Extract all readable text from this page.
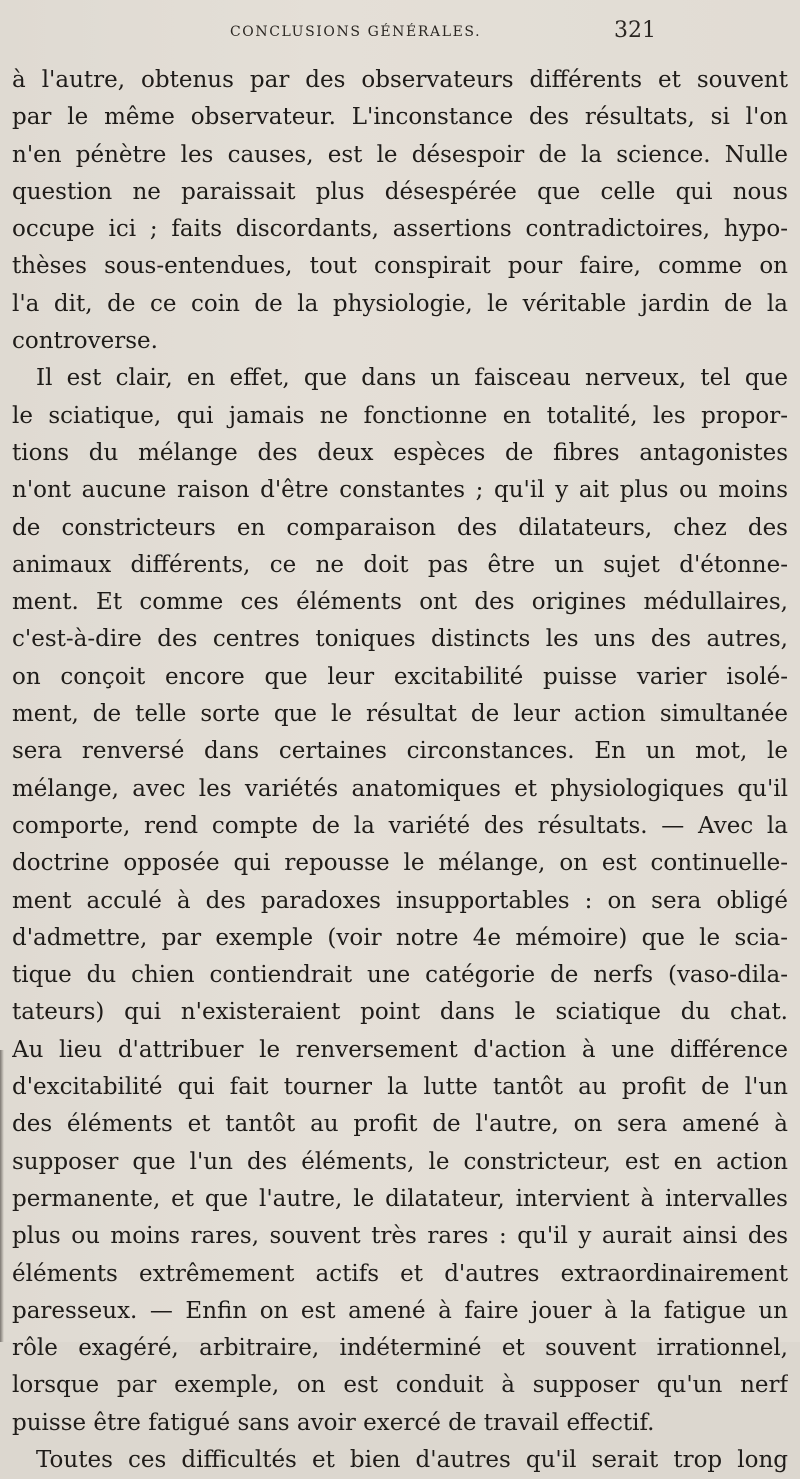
CONCLUSIONS GÉNÉRALES.	321
à l'autre, obtenus par des observateurs différents et souvent
par le même observateur. L'inconstance des résultats, si l'on
n'en pénètre les causes, est le désespoir de la science. Nulle
question ne paraissait plus désespérée que celle qui nous
occupe ici ; faits discordants, assertions contradictoires, hypo-
thèses sous-entendues, tout conspirait pour faire, comme on
l'a dit, de ce coin de la physiologie, le véritable jardin de la
controverse.
Il est clair, en effet, que dans un faisceau nerveux, tel que
le sciatique, qui jamais ne fonctionne en totalité, les propor-
tions du mélange des deux espèces de fibres antagonistes
n'ont aucune raison d'être constantes ; qu'il y ait plus ou moins
de constricteurs en comparaison des dilatateurs, chez des
animaux différents, ce ne doit pas être un sujet d'étonne-
ment. Et comme ces éléments ont des origines médullaires,
c'est-à-dire des centres toniques distincts les uns des autres,
on conçoit encore que leur excitabilité puisse varier isolé-
ment, de telle sorte que le résultat de leur action simultanée
sera renversé dans certaines circonstances. En un mot, le
mélange, avec les variétés anatomiques et physiologiques qu'il
comporte, rend compte de la variété des résultats. — Avec la
doctrine opposée qui repousse le mélange, on est continuelle-
ment acculé à des paradoxes insupportables : on sera obligé
d'admettre, par exemple (voir notre 4e mémoire) que le scia-
tique du chien contiendrait une catégorie de nerfs (vaso-dila-
tateurs) qui n'existeraient point dans le sciatique du chat.
Au lieu d'attribuer le renversement d'action à une différence
d'excitabilité qui fait tourner la lutte tantôt au profit de l'un
des éléments et tantôt au profit de l'autre, on sera amené à
supposer que l'un des éléments, le constricteur, est en action
permanente, et que l'autre, le dilatateur, intervient à intervalles
plus ou moins rares, souvent très rares : qu'il y aurait ainsi des
éléments extrêmement actifs et d'autres extraordinairement
paresseux. — Enfin on est amené à faire jouer à la fatigue un
rôle exagéré, arbitraire, indéterminé et souvent irrationnel,
lorsque par exemple, on est conduit à supposer qu'un nerf
puisse être fatigué sans avoir exercé de travail effectif.
Toutes ces difficultés et bien d'autres qu'il serait trop long
